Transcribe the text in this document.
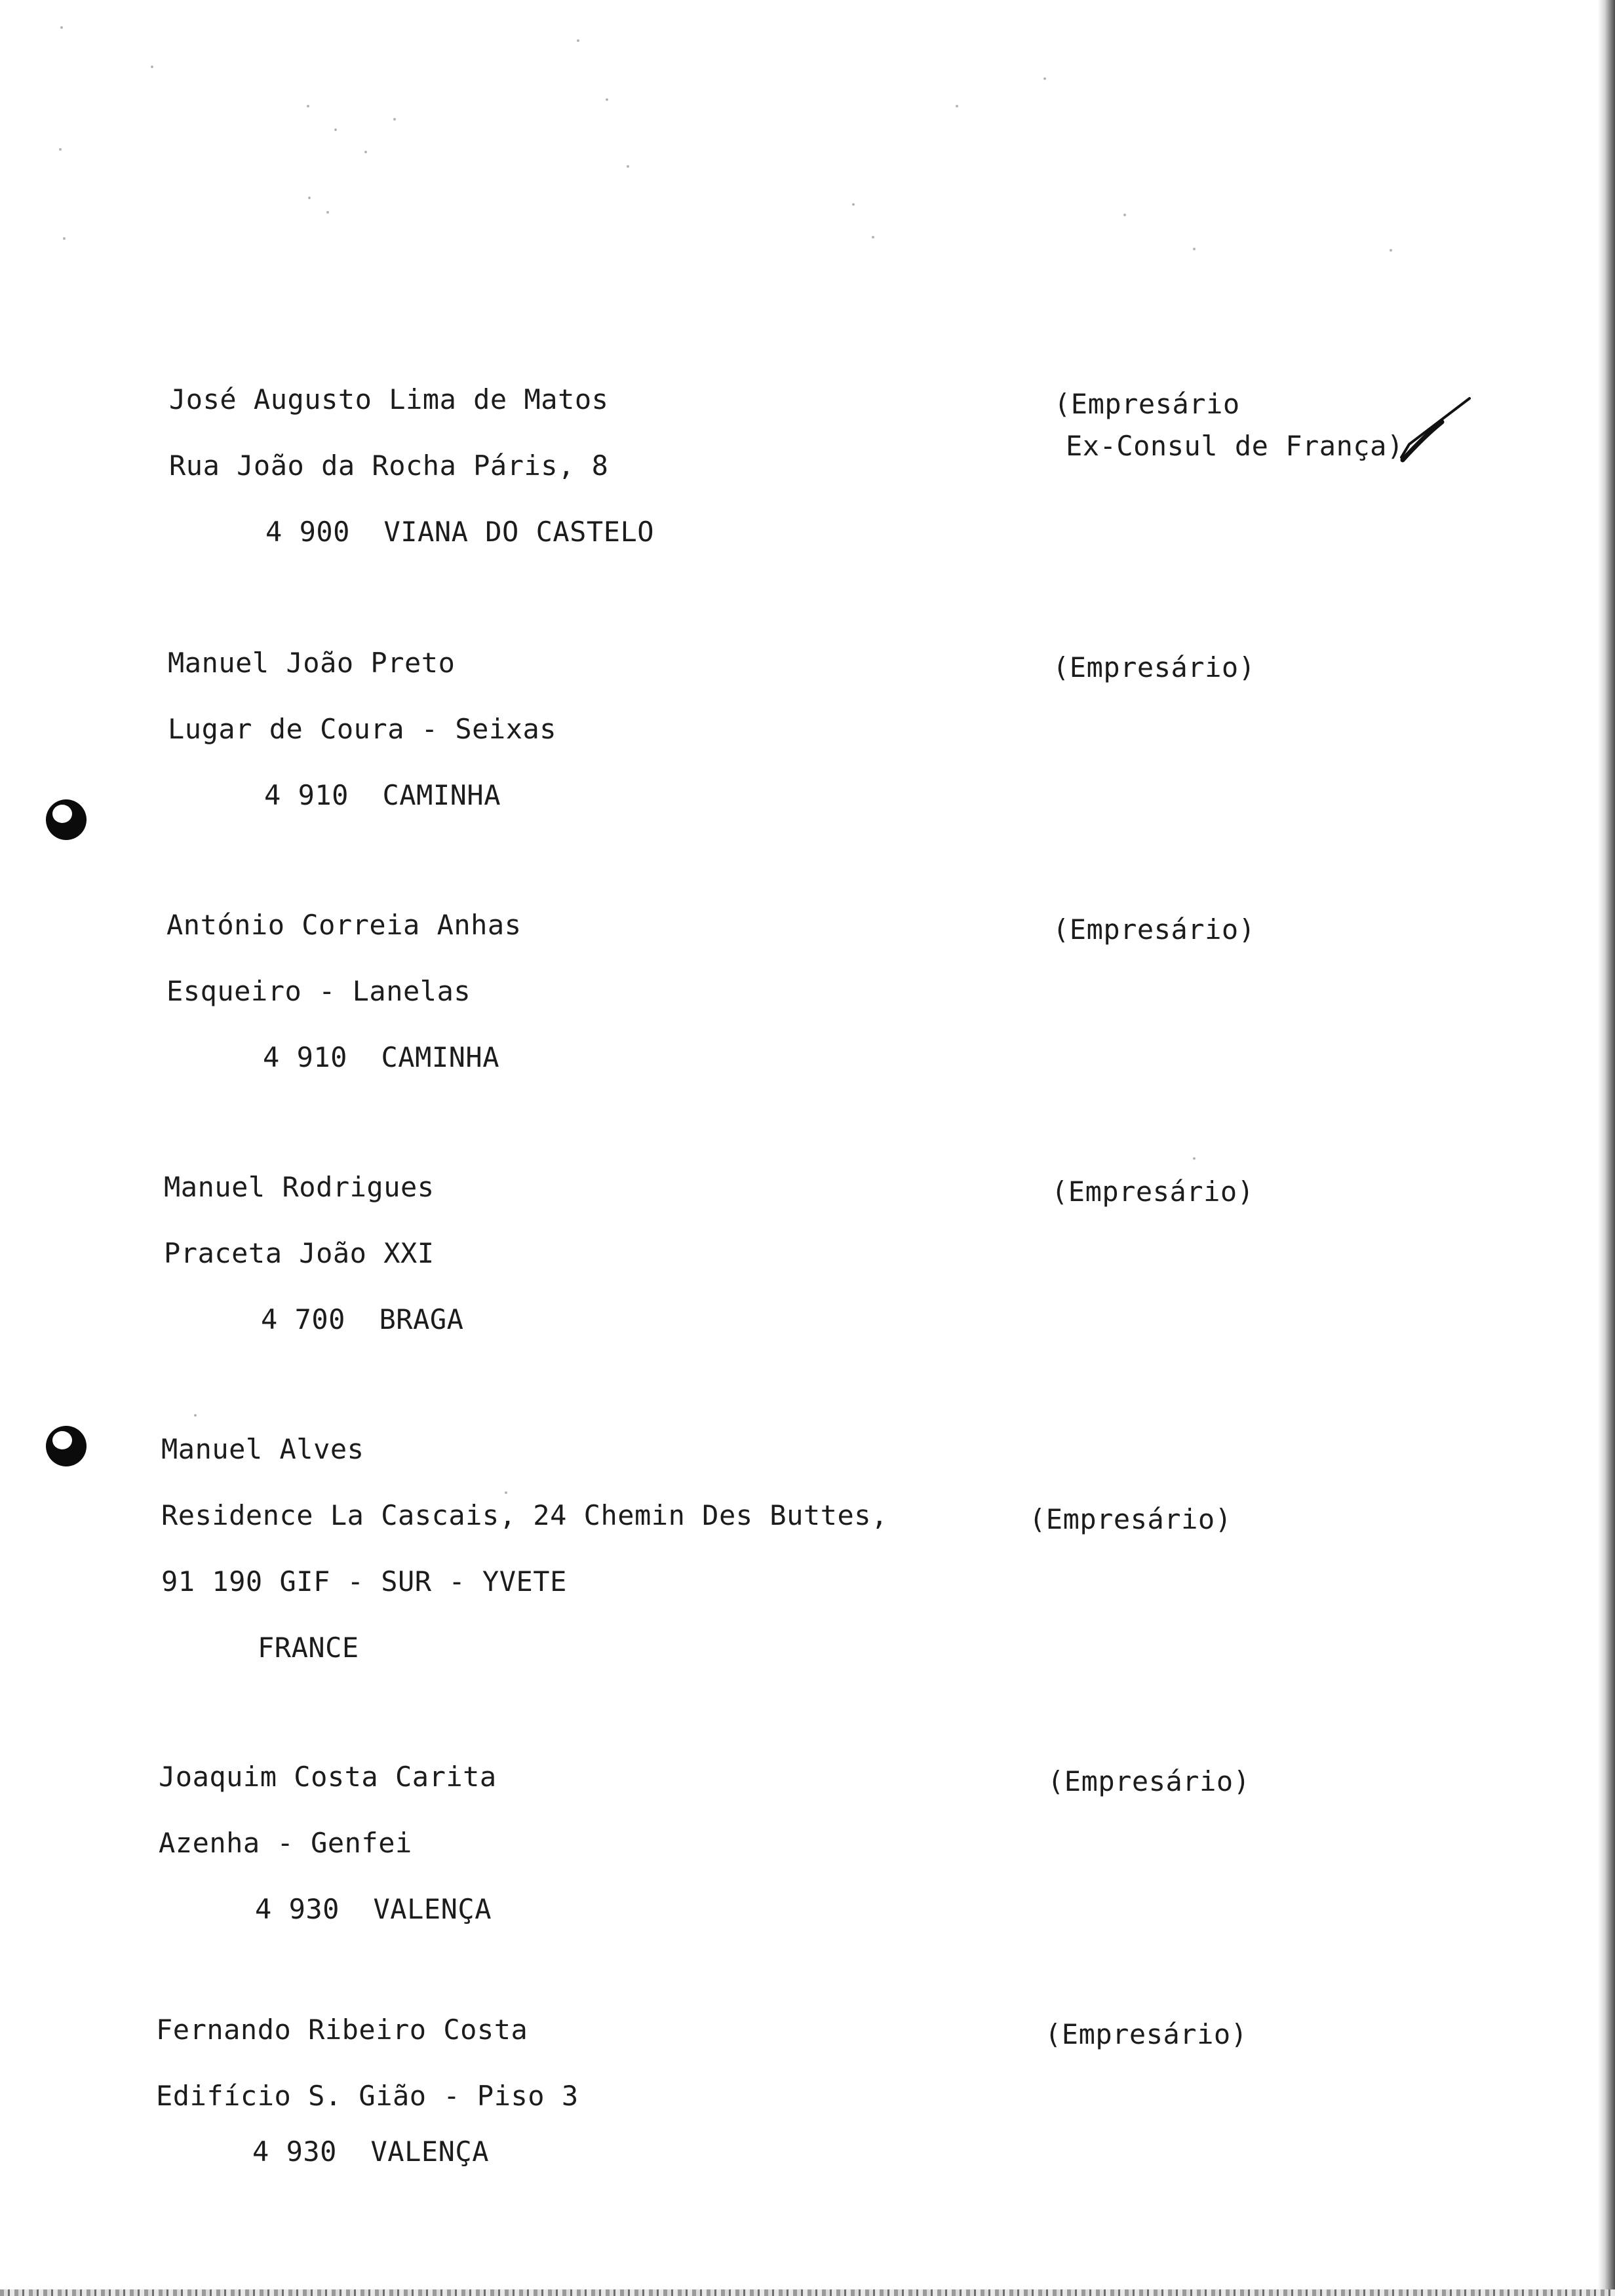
José Augusto Lima de Matos
Rua João da Rocha Páris, 8
4 900  VIANA DO CASTELO
(Empresário
Ex-Consul de França)
Manuel João Preto
Lugar de Coura - Seixas
4 910  CAMINHA
(Empresário)
António Correia Anhas
Esqueiro - Lanelas
4 910  CAMINHA
(Empresário)
Manuel Rodrigues
Praceta João XXI
4 700  BRAGA
(Empresário)
Manuel Alves
Residence La Cascais, 24 Chemin Des Buttes,
91 190 GIF - SUR - YVETE
FRANCE
(Empresário)
Joaquim Costa Carita
Azenha - Genfei
4 930  VALENÇA
(Empresário)
Fernando Ribeiro Costa
Edifício S. Gião - Piso 3
4 930  VALENÇA
(Empresário)
